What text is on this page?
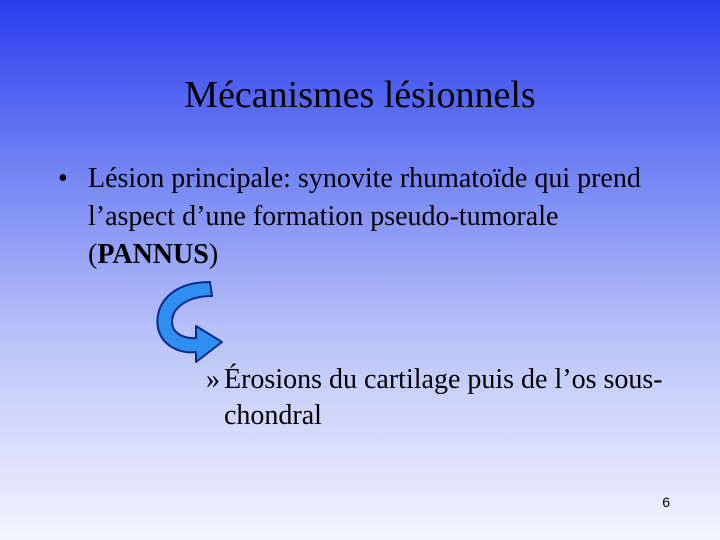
Mécanismes lésionnels
• Lésion principale: synovite rhumatoïde qui prend l’aspect d’une formation pseudo-tumorale (PANNUS)
» Érosions du cartilage puis de l’os sous-chondral
6
